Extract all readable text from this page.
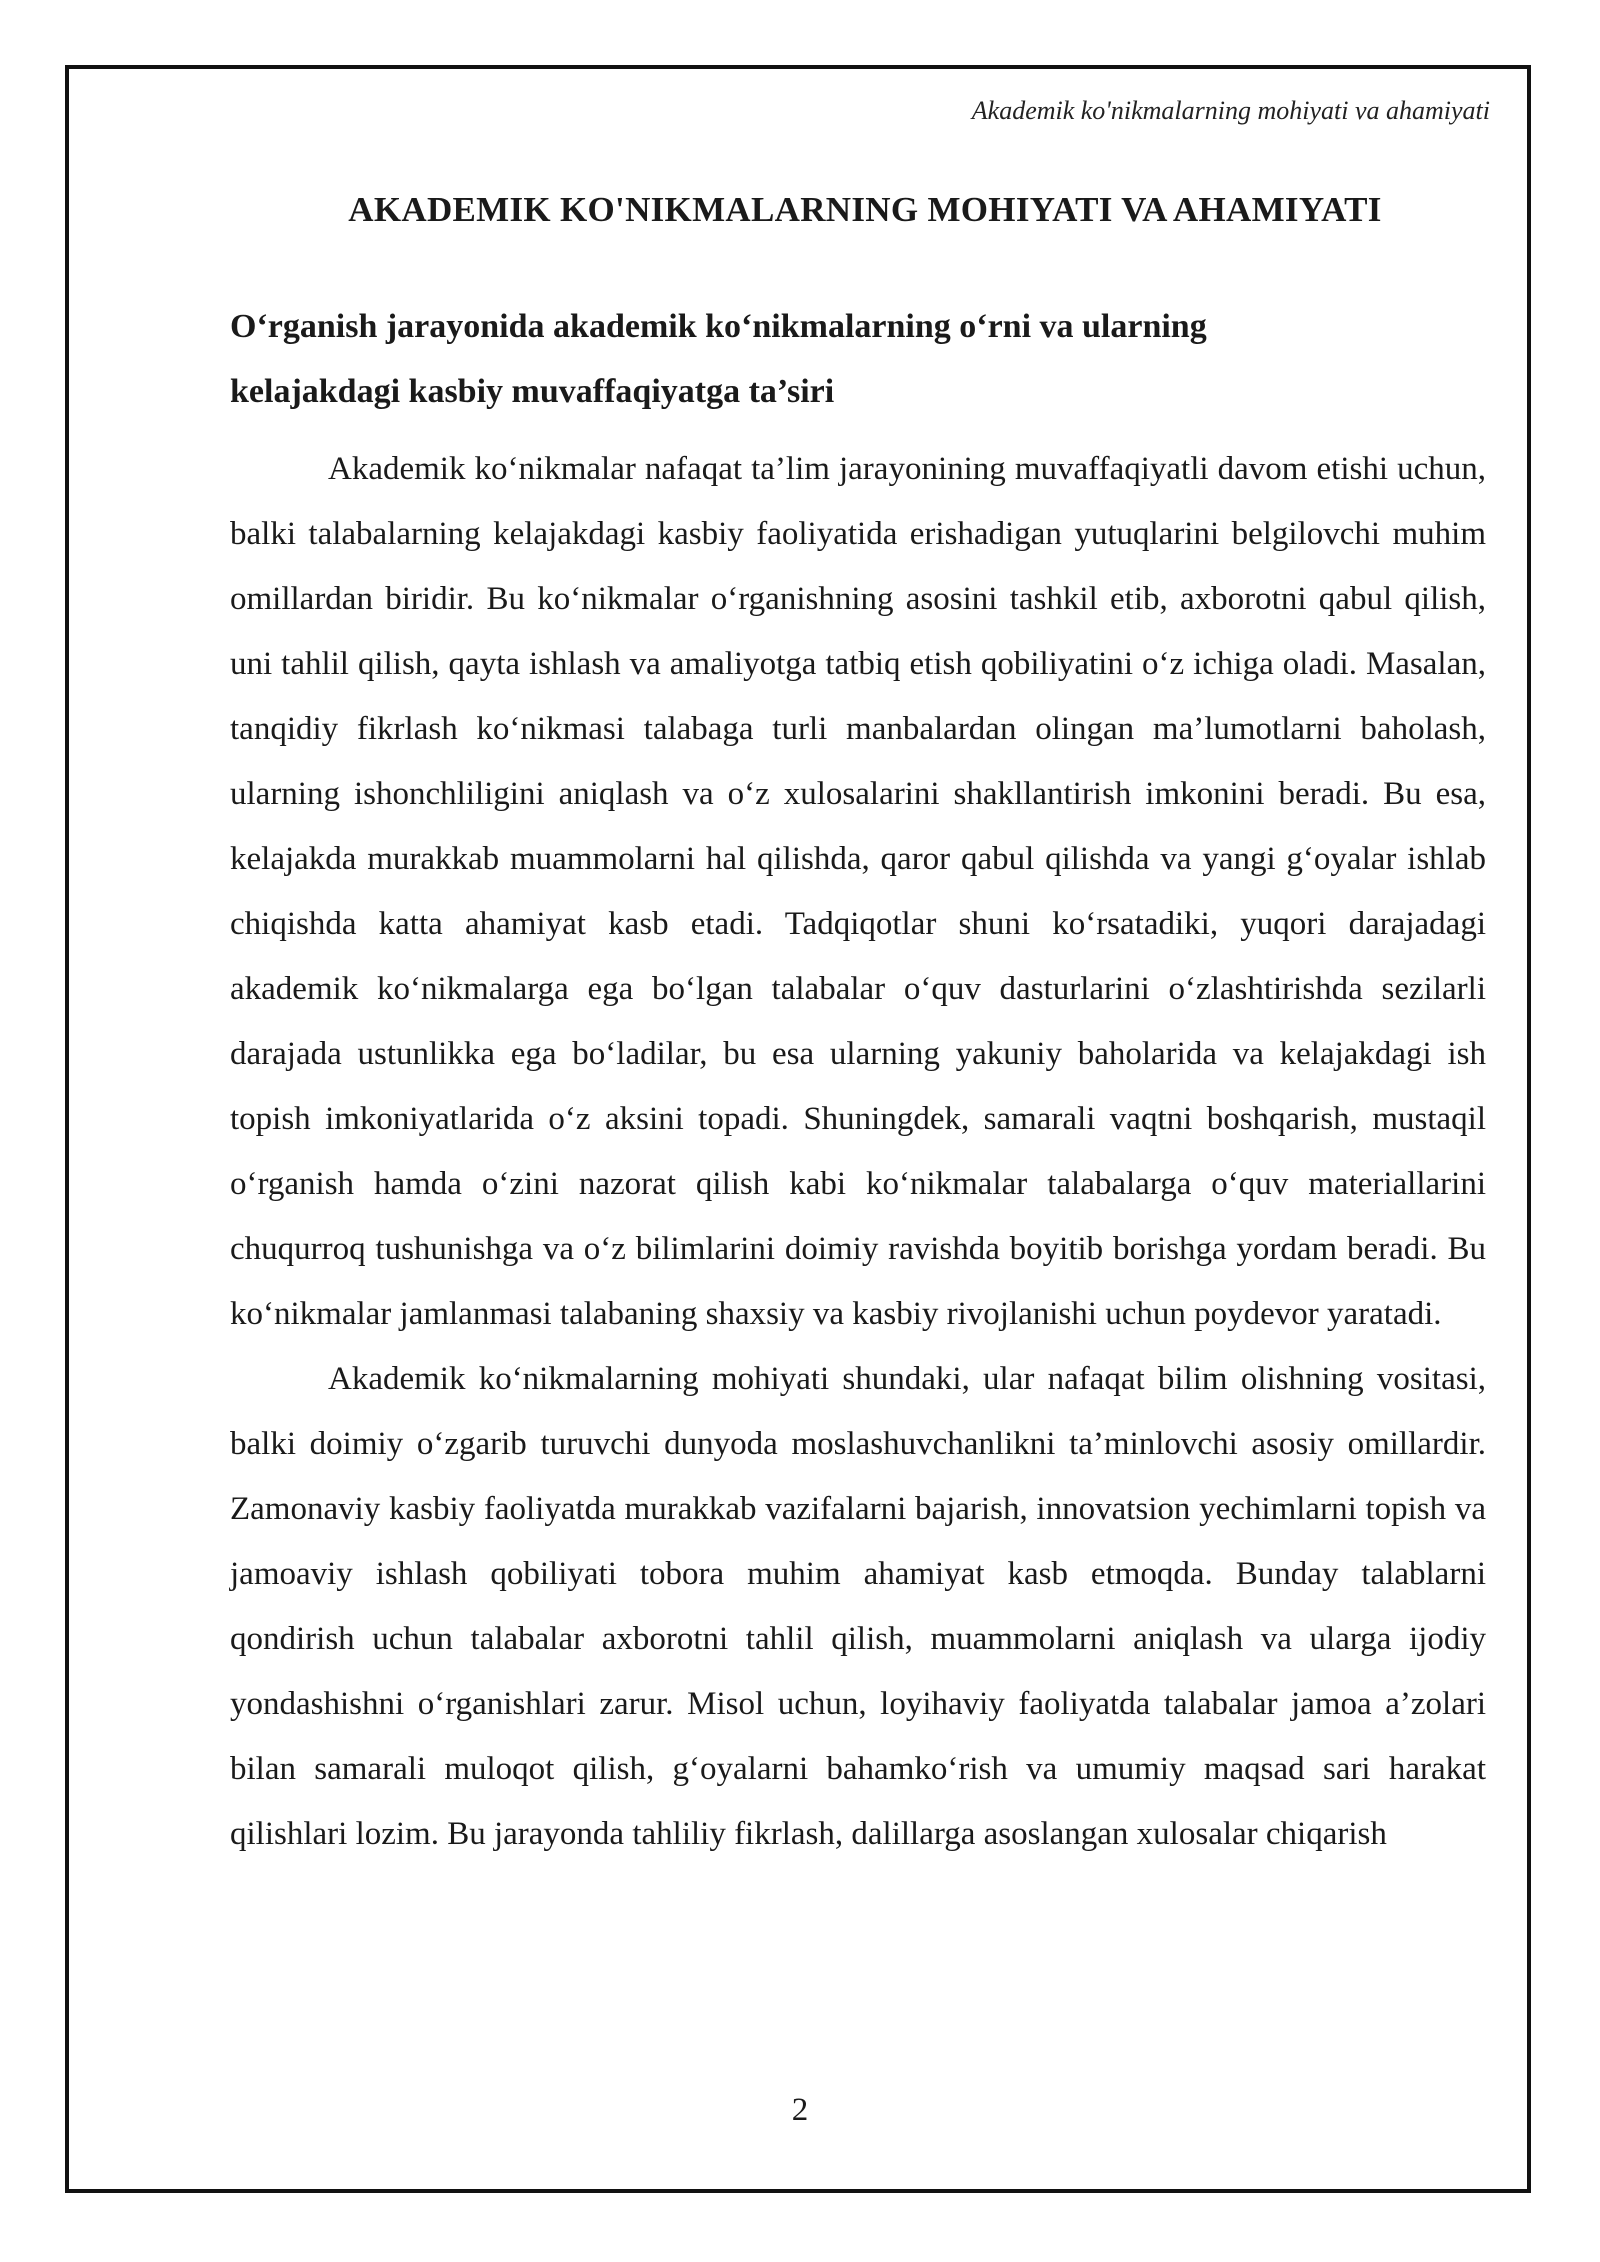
Akademik ko'nikmalarning mohiyati va ahamiyati
AKADEMIK KO'NIKMALARNING MOHIYATI VA AHAMIYATI
O‘rganish jarayonida akademik ko‘nikmalarning o‘rni va ularning
kelajakdagi kasbiy muvaffaqiyatga ta’siri

Akademik ko‘nikmalar nafaqat ta’lim jarayonining muvaffaqiyatli davom etishi uchun, balki talabalarning kelajakdagi kasbiy faoliyatida erishadigan yutuqlarini belgilovchi muhim omillardan biridir. Bu ko‘nikmalar o‘rganishning asosini tashkil etib, axborotni qabul qilish, uni tahlil qilish, qayta ishlash va amaliyotga tatbiq etish qobiliyatini o‘z ichiga oladi. Masalan, tanqidiy fikrlash ko‘nikmasi talabaga turli manbalardan olingan ma’lumotlarni baholash, ularning ishonchliligini aniqlash va o‘z xulosalarini shakllantirish imkonini beradi. Bu esa, kelajakda murakkab muammolarni hal qilishda, qaror qabul qilishda va yangi g‘oyalar ishlab chiqishda katta ahamiyat kasb etadi. Tadqiqotlar shuni ko‘rsatadiki, yuqori darajadagi akademik ko‘nikmalarga ega bo‘lgan talabalar o‘quv dasturlarini o‘zlashtirishda sezilarli darajada ustunlikka ega bo‘ladilar, bu esa ularning yakuniy baholarida va kelajakdagi ish topish imkoniyatlarida o‘z aksini topadi. Shuningdek, samarali vaqtni boshqarish, mustaqil o‘rganish hamda o‘zini nazorat qilish kabi ko‘nikmalar talabalarga o‘quv materiallarini chuqurroq tushunishga va o‘z bilimlarini doimiy ravishda boyitib borishga yordam beradi. Bu ko‘nikmalar jamlanmasi talabaning shaxsiy va kasbiy rivojlanishi uchun poydevor yaratadi.

Akademik ko‘nikmalarning mohiyati shundaki, ular nafaqat bilim olishning vositasi, balki doimiy o‘zgarib turuvchi dunyoda moslashuvchanlikni ta’minlovchi asosiy omillardir. Zamonaviy kasbiy faoliyatda murakkab vazifalarni bajarish, innovatsion yechimlarni topish va jamoaviy ishlash qobiliyati tobora muhim ahamiyat kasb etmoqda. Bunday talablarni qondirish uchun talabalar axborotni tahlil qilish, muammolarni aniqlash va ularga ijodiy yondashishni o‘rganishlari zarur. Misol uchun, loyihaviy faoliyatda talabalar jamoa a’zolari bilan samarali muloqot qilish, g‘oyalarni bahamko‘rish va umumiy maqsad sari harakat qilishlari lozim. Bu jarayonda tahliliy fikrlash, dalillarga asoslangan xulosalar chiqarish

2
